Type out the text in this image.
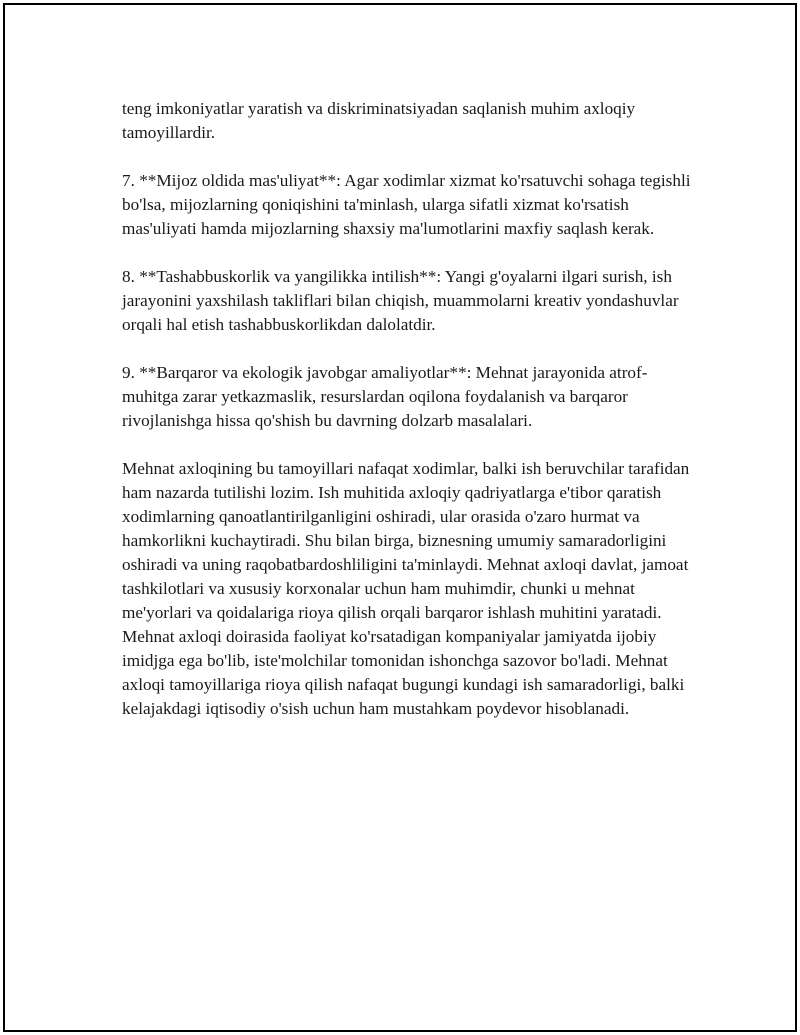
teng imkoniyatlar yaratish va diskriminatsiyadan saqlanish muhim axloqiy tamoyillardir.

7. **Mijoz oldida mas'uliyat**: Agar xodimlar xizmat ko'rsatuvchi sohaga tegishli bo'lsa, mijozlarning qoniqishini ta'minlash, ularga sifatli xizmat ko'rsatish mas'uliyati hamda mijozlarning shaxsiy ma'lumotlarini maxfiy saqlash kerak.

8. **Tashabbuskorlik va yangilikka intilish**: Yangi g'oyalarni ilgari surish, ish jarayonini yaxshilash takliflari bilan chiqish, muammolarni kreativ yondashuvlar orqali hal etish tashabbuskorlikdan dalolatdir.

9. **Barqaror va ekologik javobgar amaliyotlar**: Mehnat jarayonida atrof-muhitga zarar yetkazmaslik, resurslardan oqilona foydalanish va barqaror rivojlanishga hissa qo'shish bu davrning dolzarb masalalari.

Mehnat axloqining bu tamoyillari nafaqat xodimlar, balki ish beruvchilar tarafidan ham nazarda tutilishi lozim. Ish muhitida axloqiy qadriyatlarga e'tibor qaratish xodimlarning qanoatlantirilganligini oshiradi, ular orasida o'zaro hurmat va hamkorlikni kuchaytiradi. Shu bilan birga, biznesning umumiy samaradorligini oshiradi va uning raqobatbardoshliligini ta'minlaydi. Mehnat axloqi davlat, jamoat tashkilotlari va xususiy korxonalar uchun ham muhimdir, chunki u mehnat me'yorlari va qoidalariga rioya qilish orqali barqaror ishlash muhitini yaratadi. Mehnat axloqi doirasida faoliyat ko'rsatadigan kompaniyalar jamiyatda ijobiy imidjga ega bo'lib, iste'molchilar tomonidan ishonchga sazovor bo'ladi. Mehnat axloqi tamoyillariga rioya qilish nafaqat bugungi kundagi ish samaradorligi, balki kelajakdagi iqtisodiy o'sish uchun ham mustahkam poydevor hisoblanadi.
